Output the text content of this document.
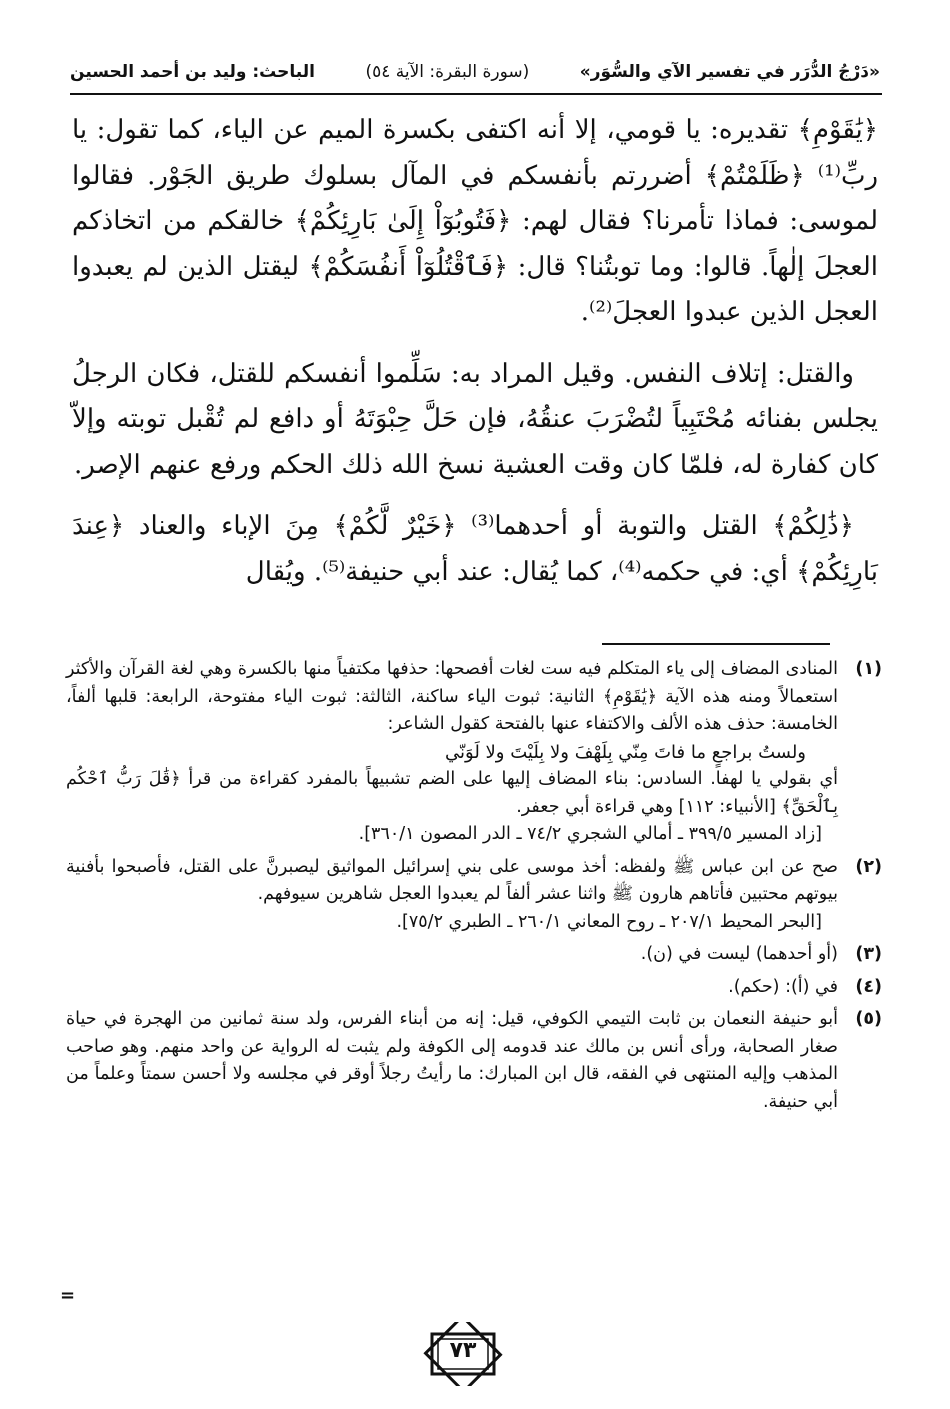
«دَرْجُ الدُّرَر في تفسير الآي والسُّوَر»
(سورة البقرة: الآية ٥٤)
الباحث: وليد بن أحمد الحسين

﴿يَٰقَوْمِ﴾ تقديره: يا قومي، إلا أنه اكتفى بكسرة الميم عن الياء، كما تقول: يا ربِّ⁽¹⁾ ﴿ظَلَمْتُمْ﴾ أضررتم بأنفسكم في المآل بسلوك طريق الجَوْر. فقالوا لموسى: فماذا تأمرنا؟ فقال لهم: ﴿فَتُوبُوٓاْ إِلَىٰ بَارِئِكُمْ﴾ خالقكم من اتخاذكم العجلَ إلٰهاً. قالوا: وما توبتُنا؟ قال: ﴿فَٱقْتُلُوٓاْ أَنفُسَكُمْ﴾ ليقتل الذين لم يعبدوا العجل الذين عبدوا العجلَ⁽²⁾.

والقتل: إتلاف النفس. وقيل المراد به: سَلِّموا أنفسكم للقتل، فكان الرجلُ يجلس بفنائه مُحْتَبِياً لتُضْرَبَ عنقُهُ، فإن حَلَّ حِبْوَتَهُ أو دافع لم تُقْبل توبته وإلاّ كان كفارة له، فلمّا كان وقت العشية نسخ الله ذلك الحكم ورفع عنهم الإصر.

﴿ذَٰلِكُمْ﴾ القتل والتوبة أو أحدهما⁽³⁾ ﴿خَيْرٌ لَّكُمْ﴾ مِنَ الإباء والعناد ﴿عِندَ بَارِئِكُمْ﴾ أي: في حكمه⁽⁴⁾، كما يُقال: عند أبي حنيفة⁽⁵⁾. ويُقال

(١)

المنادى المضاف إلى ياء المتكلم فيه ست لغات أفصحها: حذفها مكتفياً منها بالكسرة وهي لغة القرآن والأكثر استعمالاً ومنه هذه الآية ﴿يَٰقَوْمِ﴾ الثانية: ثبوت الياء ساكنة، الثالثة: ثبوت الياء مفتوحة، الرابعة: قلبها ألفاً، الخامسة: حذف هذه الألف والاكتفاء عنها بالفتحة كقول الشاعر:

ولستُ براجعٍ ما فاتَ مِنّي بِلَهْفَ ولا بِلَيْتَ ولا لَوَنّي

أي بقولي يا لهفا. السادس: بناء المضاف إليها على الضم تشبيهاً بالمفرد كقراءة من قرأ ﴿قَٰلَ رَبُّ ٱحْكُم بِٱلْحَقِّ﴾ [الأنبياء: ١١٢] وهي قراءة أبي جعفر.

[زاد المسير ٣٩٩/٥ ـ أمالي الشجري ٧٤/٢ ـ الدر المصون ٣٦٠/١].

(٢)

صح عن ابن عباس ﷺ ولفظه: أخذ موسى على بني إسرائيل المواثيق ليصبرنَّ على القتل، فأصبحوا بأفنية بيوتهم محتبين فأتاهم هارون ﷺ واثنا عشر ألفاً لم يعبدوا العجل شاهرين سيوفهم.

[البحر المحيط ٢٠٧/١ ـ روح المعاني ٢٦٠/١ ـ الطبري ٧٥/٢].

(٣)

(أو أحدهما) ليست في (ن).

(٤)

في (أ): (حكم).

(٥)

أبو حنيفة النعمان بن ثابت التيمي الكوفي، قيل: إنه من أبناء الفرس، ولد سنة ثمانين من الهجرة في حياة صغار الصحابة، ورأى أنس بن مالك عند قدومه إلى الكوفة ولم يثبت له الرواية عن واحد منهم. وهو صاحب المذهب وإليه المنتهى في الفقه، قال ابن المبارك: ما رأيتُ رجلاً أوقر في مجلسه ولا أحسن سمتاً وعلماً من أبي حنيفة.

=
٧٣
